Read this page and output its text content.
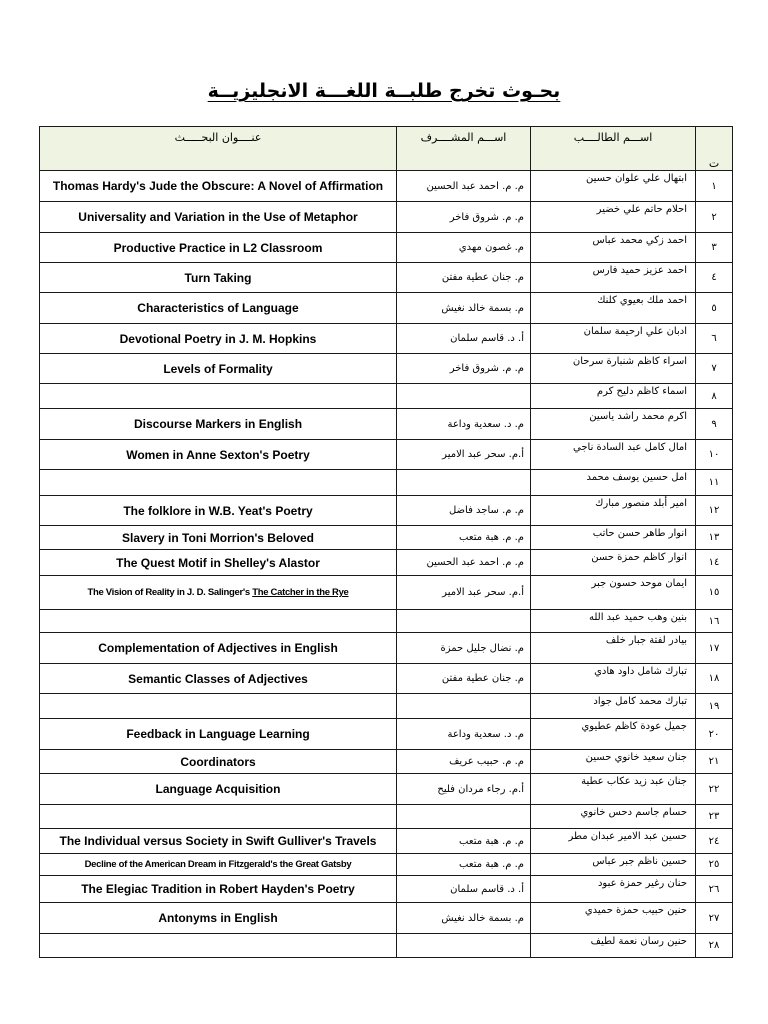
بحـوث تخرج طلبــة اللغـــة الانجليزيــة
عنــــوان البحـــــث	اســـم المشــــرف	اســـم الطالــــب	ت
Thomas Hardy's Jude the Obscure: A Novel of Affirmation	م. م. احمد عبد الحسين	ابتهال علي علوان حسين	١
Universality and Variation in the Use of Metaphor	م. م. شروق فاخر	احلام حاتم علي خضير	٢
Productive Practice in L2 Classroom	م. غصون مهدي	احمد زكي محمد عباس	٣
Turn Taking	م. جنان عطية مفتن	احمد عزيز حميد فارس	٤
Characteristics of Language	م. بسمة خالد نغيش	احمد ملك بعيوي كلنك	٥
Devotional Poetry in J. M. Hopkins	أ. د. قاسم سلمان	ادبان علي ارحيمة سلمان	٦
Levels of Formality	م. م. شروق فاخر	اسراء كاظم شنبارة سرحان	٧
		اسماء كاظم دليح كرم	٨
Discourse Markers in English	م. د. سعدية وداعة	اكرم محمد راشد ياسين	٩
Women in Anne Sexton's Poetry	أ.م. سحر عبد الامير	امال كامل عبد السادة ناجي	١٠
		امل حسين يوسف محمد	١١
The folklore in W.B. Yeat's Poetry	م. م. ساجد فاضل	امير أبلد منصور مبارك	١٢
Slavery in Toni Morrion's Beloved	م. م. هبة متعب	انوار طاهر حسن حاتب	١٣
The Quest Motif in Shelley's Alastor	م. م. احمد عبد الحسين	انوار كاظم حمزة حسن	١٤
The Vision of Reality in J. D. Salinger's The Catcher in the Rye	أ.م. سحر عبد الامير	ايمان موحد حسون جبر	١٥
		بنين وهب حميد عبد الله	١٦
Complementation of Adjectives in English	م. نضال جليل حمزة	بيادر لفتة جبار خلف	١٧
Semantic Classes of Adjectives	م. جنان عطية مفتن	تبارك شامل داود هادي	١٨
		تبارك محمد كامل جواد	١٩
Feedback in Language Learning	م. د. سعدية وداعة	جميل عودة كاظم عطيوي	٢٠
Coordinators	م. م. حبيب عريف	جنان سعيد خانوي حسين	٢١
Language Acquisition	أ.م. رجاء مردان فليح	جنان عبد زيد عكاب عطية	٢٢
		حسام جاسم دحس خانوي	٢٣
The Individual versus Society in Swift Gulliver's Travels	م. م. هبة متعب	حسين عبد الامير عبدان مطر	٢٤
Decline of the American Dream in Fitzgerald's the Great Gatsby	م. م. هبة متعب	حسين ناظم جبر عباس	٢٥
The Elegiac Tradition in Robert Hayden's Poetry	أ. د. قاسم سلمان	حنان رغير حمزة عبود	٢٦
Antonyms in English	م. بسمة خالد نغيش	حنين حبيب حمزة حميدي	٢٧
		حنين رسان نعمة لطيف	٢٨
